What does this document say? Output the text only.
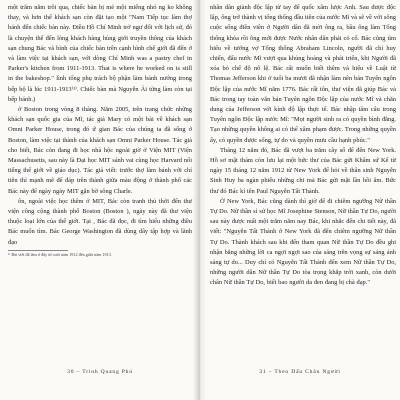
một trăm năm trôi qua, chiếc bàn bị mẻ một miếng nhỏ ng ko không thay, và hơn thế khách sạn còn đặt tạo một "Nam Tiếp tục làm thợ bánh đến chiếc bàn này. Điều Hồ Chí Minh trở ngư đối với lịch sử, đó là chuyện thế đến lòng khách hàng hùng giới truyền thông của khách sạn chung Bác và bình của chiếc bàn trên cạnh hình chế giới đã đến ở và làm việc tại khách sạn, với dòng Chí Minh was a pastry chef in Parker's kitchen from 1911-1913. That is where he worked on is still in the bakeshop." lình tổng phụ trách bộ phận làm bánh nướng trong bếp bộ là lúc 1911-1913⁽¹⁾. Chiếc bàn mà Nguyễn Ái từng làm còn tại bếp bánh.)

ở Boston trong vòng 8 tháng. Năm 2005, trên trang chức những khách sạn quốc gia của Mĩ, tác giả Mary có một bài về khách sạn Omni Parker House, trong đó ứ gian Bác của chúng ta đã sống ở Boston, làm việc tại thành của khách sạn Omni Parker House. Tác giả cho biết, Bác còn đang đi học nhà hộc ngoài giờ ở Viện MIT (Viện Massachusetts, sau này là Đại học MIT sánh vai cùng học Harvard nổi tiếng thế giới về giáo dục). Tác giả viết: trước thợ làm bánh với chỉ tiên thì mạnh mẽ để đáp trên thành giữa màu động ở thành phố các Bác này để ngày ngày MIT gặn bờ sông Charle.

ôn, ngoài việc học thêm ở MIT, Bác còn tranh thủ thời đến thư viện công cộng thành phố Boston (Boston ), ngày này đã thư viện thuộc loại lớn của thế giới. Tại , Bác đã đọc, đi tìm hiểu những điều Bác muốn tìm. Bác George Washington đã dùng dây tập hợp và lãnh đạo

¹⁾ Bài viết đã làm ở đây từ cuối năm 1912 đến giữa năm 1913.
30 – Trình Quang Phú

nhân dân giành độc lập từ tay đế quốc xâm lược Anh. Sau được độc lập, ông trở thành vị tổng thống đầu tiên của nước Mĩ và sẽ về với sông cuộc sống điền viên ở Người dân đã mời ông ra, bầu ông làm Tổng thống khóa rồi ông mới được Nước nhân dân phải có cố. Bác cũng tìm hiểu về tướng vợ Tổng thống Abraham Lincoln, người đã chỉ huy chiến, đấu nước Mĩ vượt qua khủng hoảng và phát triển, khi Người đã xóa bỏ chế độ nô lệ. Bác rất muốn biết thêm và hiểu về Luật từ Thomas Jefferson khi ở tuổi ba mươi đã nhận làm nên bản Tuyên ngôn Độc lập của nước Mĩ năm 1776. Bác rất tôn, thư viện đã giúp Bác và Bác trong tay toàn văn bản Tuyên ngôn Độc lập của nước Mĩ và chăn dung của Jefferson với kính độ lập thực tế. Bác nhập tâm câu trong Tuyên ngôn Độc lập nước Mĩ: "Mọi người sinh ra có quyền bình đẳng. Tạo những quyền không ai có thể xâm phạm được. Trong những quyền ấy, có quyền được sống, tự do và quyền mưu cầu hạnh phúc."

Tháng 12 năm đó, Bác đã vượt ba trăm cây số để đến New York. Hồ sơ mật thám còn lưu lại một bức thư của Bác gửi Khâm sứ Kể từ ngày 15 tháng 12 năm 1912 từ New York để hỏi về thân sinh Nguyễn Sinh Huy ba ngàn phiếu những chi mà Bác gửi mặt lần hồi âm. Bức thư đó Bác kí tên Paul Nguyễn Tất Thành.

Ở New York, Bác cũng dành thì giờ để đi chiêm ngưỡng Nữ thần Tự Do. Nữ thần sỉ sử học Mĩ Josephine Stenson, Nữ thần Tự Do, người sau này được mất một trăm năm nay Bác, khi nhắc đến chi tiết này, đã viết: "Nguyễn Tất Thành ở New York đã đến chiêm ngưỡng Nữ thần Tự Do. Thành khách sau khi đến tham quan Nữ thần Tự Do đều ghi nhận bằng những lời ca ngợi ngợi sao của sáng trên vọng sự sáng ánh sáng tự do... Duy chỉ có Nguyễn Tất Thành đến xem Nữ thần Tự Do, những người dân Nữ thần Tự Do tòa trọng khắp trời xanh, còn dưới chân Nữ thần Tự Do, biết bao người da đen đang bị chà đạp."

31 – Theo Dấu Chân Người
